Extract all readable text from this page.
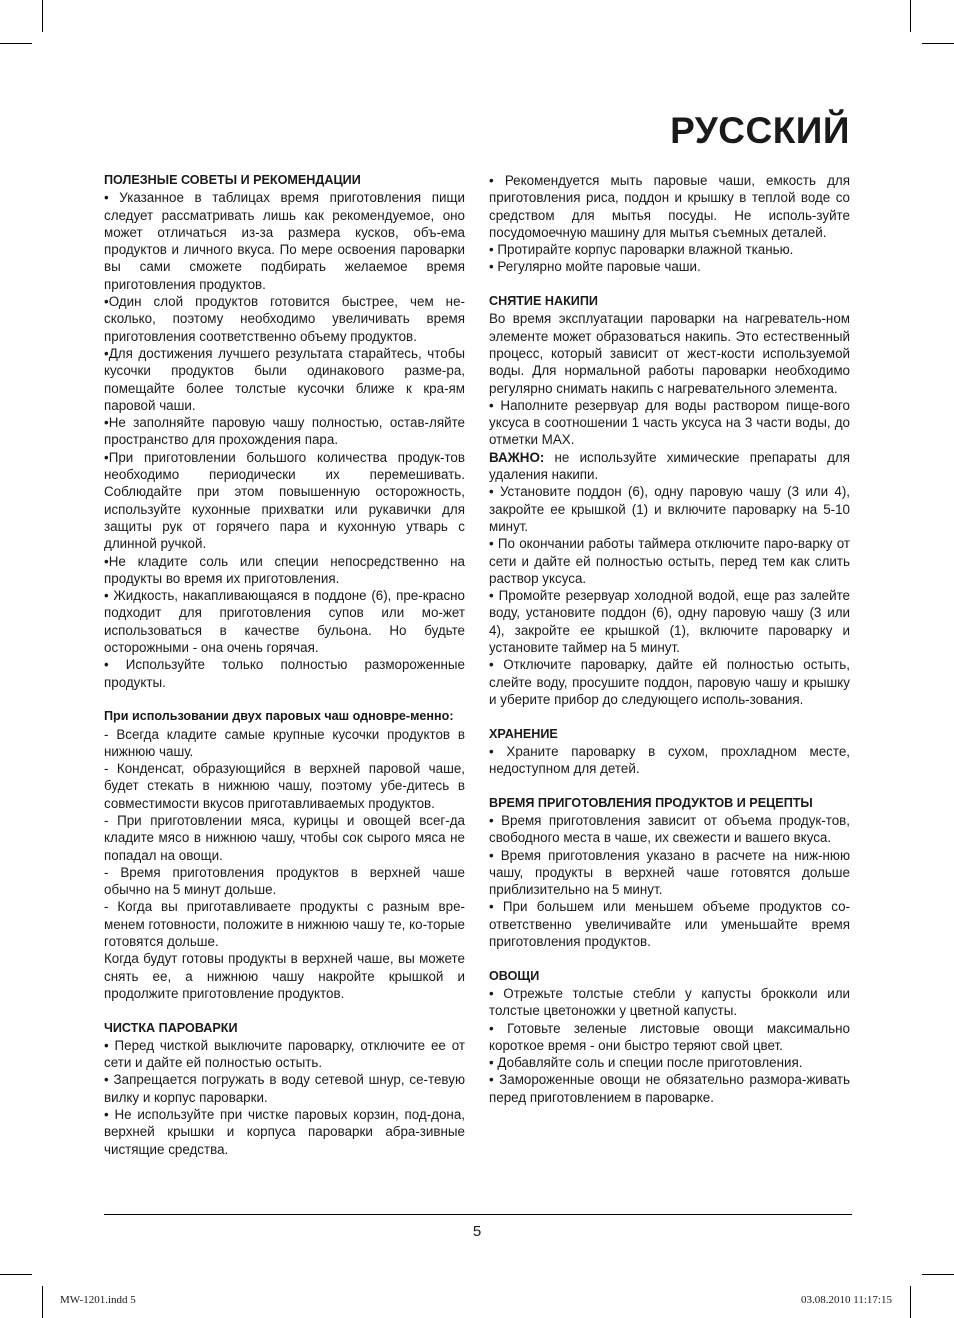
РУССКИЙ

ПОЛЕЗНЫЕ СОВЕТЫ И РЕКОМЕНДАЦИИ

• Указанное в таблицах время приготовления пищи следует рассматривать лишь как рекомендуемое, оно может отличаться из-за размера кусков, объ-ема продуктов и личного вкуса. По мере освоения пароварки вы сами сможете подбирать желаемое время приготовления продуктов.

•Один слой продуктов готовится быстрее, чем не-сколько, поэтому необходимо увеличивать время приготовления соответственно объему продуктов.

•Для достижения лучшего результата старайтесь, чтобы кусочки продуктов были одинакового разме-ра, помещайте более толстые кусочки ближе к кра-ям паровой чаши.

•Не заполняйте паровую чашу полностью, остав-ляйте пространство для прохождения пара.

•При приготовлении большого количества продук-тов необходимо периодически их перемешивать. Соблюдайте при этом повышенную осторожность, используйте кухонные прихватки или рукавички для защиты рук от горячего пара и кухонную утварь с длинной ручкой.

•Не кладите соль или специи непосредственно на продукты во время их приготовления.

• Жидкость, накапливающаяся в поддоне (6), пре-красно подходит для приготовления супов или мо-жет использоваться в качестве бульона. Но будьте осторожными - она очень горячая.

• Используйте только полностью размороженные продукты.

При использовании двух паровых чаш одновре-менно:

- Всегда кладите самые крупные кусочки продуктов в нижнюю чашу.

- Конденсат, образующийся в верхней паровой чаше, будет стекать в нижнюю чашу, поэтому убе-дитесь в совместимости вкусов приготавливаемых продуктов.

- При приготовлении мяса, курицы и овощей всег-да кладите мясо в нижнюю чашу, чтобы сок сырого мяса не попадал на овощи.

- Время приготовления продуктов в верхней чаше обычно на 5 минут дольше.

- Когда вы приготавливаете продукты с разным вре-менем готовности, положите в нижнюю чашу те, ко-торые готовятся дольше.

Когда будут готовы продукты в верхней чаше, вы можете снять ее, а нижнюю чашу накройте крышкой и продолжите приготовление продуктов.

ЧИСТКА ПАРОВАРКИ

• Перед чисткой выключите пароварку, отключите ее от сети и дайте ей полностью остыть.

• Запрещается погружать в воду сетевой шнур, се-тевую вилку и корпус пароварки.

• Не используйте при чистке паровых корзин, под-дона, верхней крышки и корпуса пароварки абра-зивные чистящие средства.

• Рекомендуется мыть паровые чаши, емкость для приготовления риса, поддон и крышку в теплой воде со средством для мытья посуды. Не исполь-зуйте посудомоечную машину для мытья съемных деталей.

• Протирайте корпус пароварки влажной тканью.

• Регулярно мойте паровые чаши.

СНЯТИЕ НАКИПИ

Во время эксплуатации пароварки на нагреватель-ном элементе может образоваться накипь. Это естественный процесс, который зависит от жест-кости используемой воды. Для нормальной работы пароварки необходимо регулярно снимать накипь с нагревательного элемента.

• Наполните резервуар для воды раствором пище-вого уксуса в соотношении 1 часть уксуса на 3 части воды, до отметки MAX.

ВАЖНО: не используйте химические препараты для удаления накипи.

• Установите поддон (6), одну паровую чашу (3 или 4), закройте ее крышкой (1) и включите пароварку на 5-10 минут.

• По окончании работы таймера отключите паро-варку от сети и дайте ей полностью остыть, перед тем как слить раствор уксуса.

• Промойте резервуар холодной водой, еще раз залейте воду, установите поддон (6), одну паровую чашу (3 или 4), закройте ее крышкой (1), включите пароварку и установите таймер на 5 минут.

• Отключите пароварку, дайте ей полностью остыть, слейте воду, просушите поддон, паровую чашу и крышку и уберите прибор до следующего исполь-зования.

ХРАНЕНИЕ

• Храните пароварку в сухом, прохладном месте, недоступном для детей.

ВРЕМЯ ПРИГОТОВЛЕНИЯ ПРОДУКТОВ И РЕЦЕПТЫ

• Время приготовления зависит от объема продук-тов, свободного места в чаше, их свежести и вашего вкуса.

• Время приготовления указано в расчете на ниж-нюю чашу, продукты в верхней чаше готовятся дольше приблизительно на 5 минут.

• При большем или меньшем объеме продуктов со-ответственно увеличивайте или уменьшайте время приготовления продуктов.

ОВОЩИ

• Отрежьте толстые стебли у капусты брокколи или толстые цветоножки у цветной капусты.

• Готовьте зеленые листовые овощи максимально короткое время - они быстро теряют свой цвет.

• Добавляйте соль и специи после приготовления.

• Замороженные овощи не обязательно размора-живать перед приготовлением в пароварке.

5
MW-1201.indd 5	03.08.2010 11:17:15
